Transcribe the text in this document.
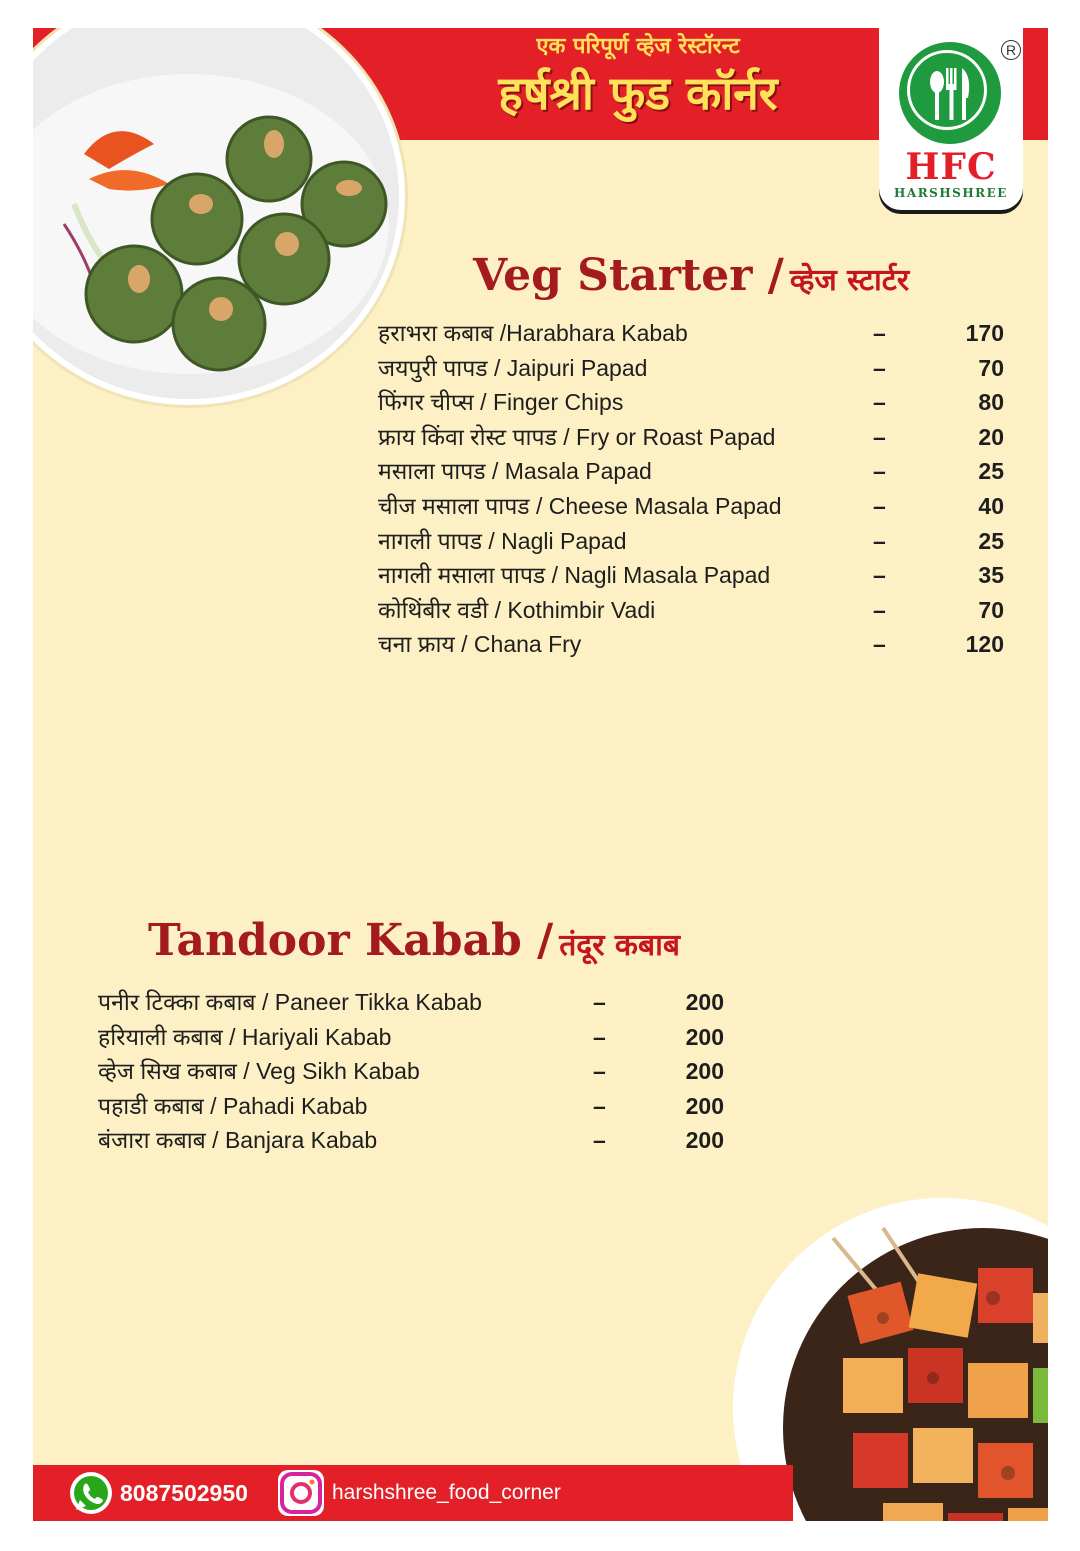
एक परिपूर्ण व्हेज रेस्टॉरन्ट
हर्षश्री फुड कॉर्नर
HFC
HARSHSHREE
R
Veg Starter / व्हेज स्टार्टर
हराभरा कबाब /Harabhara Kabab	–	170
जयपुरी पापड / Jaipuri Papad	–	70
फिंगर चीप्स / Finger Chips	–	80
फ्राय किंवा रोस्ट पापड / Fry or Roast Papad	–	20
मसाला पापड / Masala Papad	–	25
चीज मसाला पापड / Cheese Masala Papad	–	40
नागली पापड / Nagli Papad	–	25
नागली मसाला पापड / Nagli Masala Papad	–	35
कोथिंबीर वडी / Kothimbir Vadi	–	70
चना फ्राय / Chana Fry	–	120
Tandoor Kabab / तंदूर कबाब
पनीर टिक्का कबाब / Paneer Tikka Kabab	–	200
हरियाली कबाब / Hariyali Kabab	–	200
व्हेज सिख कबाब / Veg Sikh Kabab	–	200
पहाडी कबाब / Pahadi Kabab	–	200
बंजारा कबाब / Banjara Kabab	–	200
8087502950	harshshree_food_corner
